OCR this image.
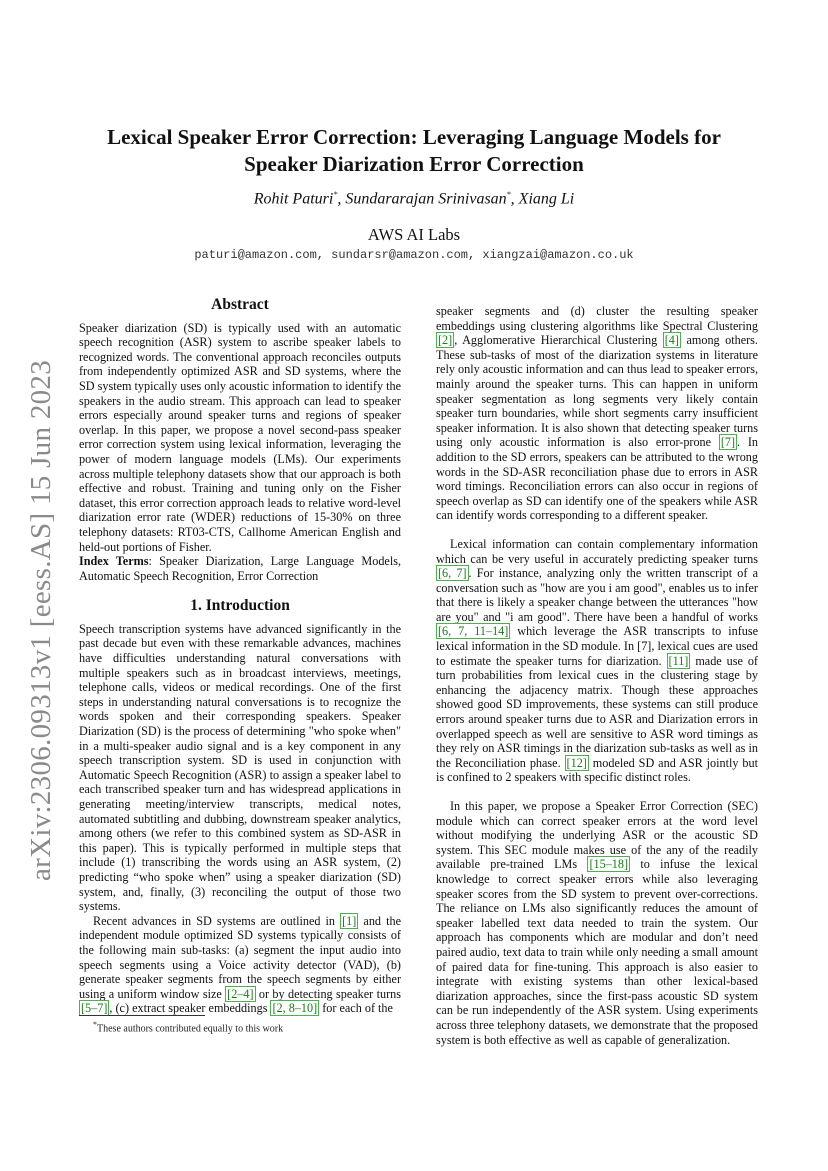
arXiv:2306.09313v1 [eess.AS] 15 Jun 2023
Lexical Speaker Error Correction: Leveraging Language Models for Speaker Diarization Error Correction
Rohit Paturi*, Sundararajan Srinivasan*, Xiang Li
AWS AI Labs
paturi@amazon.com, sundarsr@amazon.com, xiangzai@amazon.co.uk
Abstract

Speaker diarization (SD) is typically used with an automatic speech recognition (ASR) system to ascribe speaker labels to recognized words. The conventional approach reconciles outputs from independently optimized ASR and SD systems, where the SD system typically uses only acoustic information to identify the speakers in the audio stream. This approach can lead to speaker errors especially around speaker turns and regions of speaker overlap. In this paper, we propose a novel second-pass speaker error correction system using lexical information, leveraging the power of modern language models (LMs). Our experiments across multiple telephony datasets show that our approach is both effective and robust. Training and tuning only on the Fisher dataset, this error correction approach leads to relative word-level diarization error rate (WDER) reductions of 15-30% on three telephony datasets: RT03-CTS, Callhome American English and held-out portions of Fisher.

Index Terms: Speaker Diarization, Large Language Models, Automatic Speech Recognition, Error Correction

1. Introduction

Speech transcription systems have advanced significantly in the past decade but even with these remarkable advances, machines have difficulties understanding natural conversations with multiple speakers such as in broadcast interviews, meetings, telephone calls, videos or medical recordings. One of the first steps in understanding natural conversations is to recognize the words spoken and their corresponding speakers. Speaker Diarization (SD) is the process of determining "who spoke when" in a multi-speaker audio signal and is a key component in any speech transcription system. SD is used in conjunction with Automatic Speech Recognition (ASR) to assign a speaker label to each transcribed speaker turn and has widespread applications in generating meeting/interview transcripts, medical notes, automated subtitling and dubbing, downstream speaker analytics, among others (we refer to this combined system as SD-ASR in this paper). This is typically performed in multiple steps that include (1) transcribing the words using an ASR system, (2) predicting “who spoke when” using a speaker diarization (SD) system, and, finally, (3) reconciling the output of those two systems.

Recent advances in SD systems are outlined in [1] and the independent module optimized SD systems typically consists of the following main sub-tasks: (a) segment the input audio into speech segments using a Voice activity detector (VAD), (b) generate speaker segments from the speech segments by either using a uniform window size [2–4] or by detecting speaker turns [5–7] , (c) extract speaker embeddings [2, 8–10] for each of the

speaker segments and (d) cluster the resulting speaker embeddings using clustering algorithms like Spectral Clustering [2] , Agglomerative Hierarchical Clustering [4] among others. These sub-tasks of most of the diarization systems in literature rely only acoustic information and can thus lead to speaker errors, mainly around the speaker turns. This can happen in uniform speaker segmentation as long segments very likely contain speaker turn boundaries, while short segments carry insufficient speaker information. It is also shown that detecting speaker turns using only acoustic information is also error-prone [7] . In addition to the SD errors, speakers can be attributed to the wrong words in the SD-ASR reconciliation phase due to errors in ASR word timings. Reconciliation errors can also occur in regions of speech overlap as SD can identify one of the speakers while ASR can identify words corresponding to a different speaker.

Lexical information can contain complementary information which can be very useful in accurately predicting speaker turns [6, 7] . For instance, analyzing only the written transcript of a conversation such as "how are you i am good", enables us to infer that there is likely a speaker change between the utterances "how are you" and "i am good". There have been a handful of works [6, 7, 11–14] which leverage the ASR transcripts to infuse lexical information in the SD module. In [7], lexical cues are used to estimate the speaker turns for diarization. [11] made use of turn probabilities from lexical cues in the clustering stage by enhancing the adjacency matrix. Though these approaches showed good SD improvements, these systems can still produce errors around speaker turns due to ASR and Diarization errors in overlapped speech as well are sensitive to ASR word timings as they rely on ASR timings in the diarization sub-tasks as well as in the Reconciliation phase. [12] modeled SD and ASR jointly but is confined to 2 speakers with specific distinct roles.

In this paper, we propose a Speaker Error Correction (SEC) module which can correct speaker errors at the word level without modifying the underlying ASR or the acoustic SD system. This SEC module makes use of the any of the readily available pre-trained LMs [15–18] to infuse the lexical knowledge to correct speaker errors while also leveraging speaker scores from the SD system to prevent over-corrections. The reliance on LMs also significantly reduces the amount of speaker labelled text data needed to train the system. Our approach has components which are modular and don’t need paired audio, text data to train while only needing a small amount of paired data for fine-tuning. This approach is also easier to integrate with existing systems than other lexical-based diarization approaches, since the first-pass acoustic SD system can be run independently of the ASR system. Using experiments across three telephony datasets, we demonstrate that the proposed system is both effective as well as capable of generalization.

*These authors contributed equally to this work
